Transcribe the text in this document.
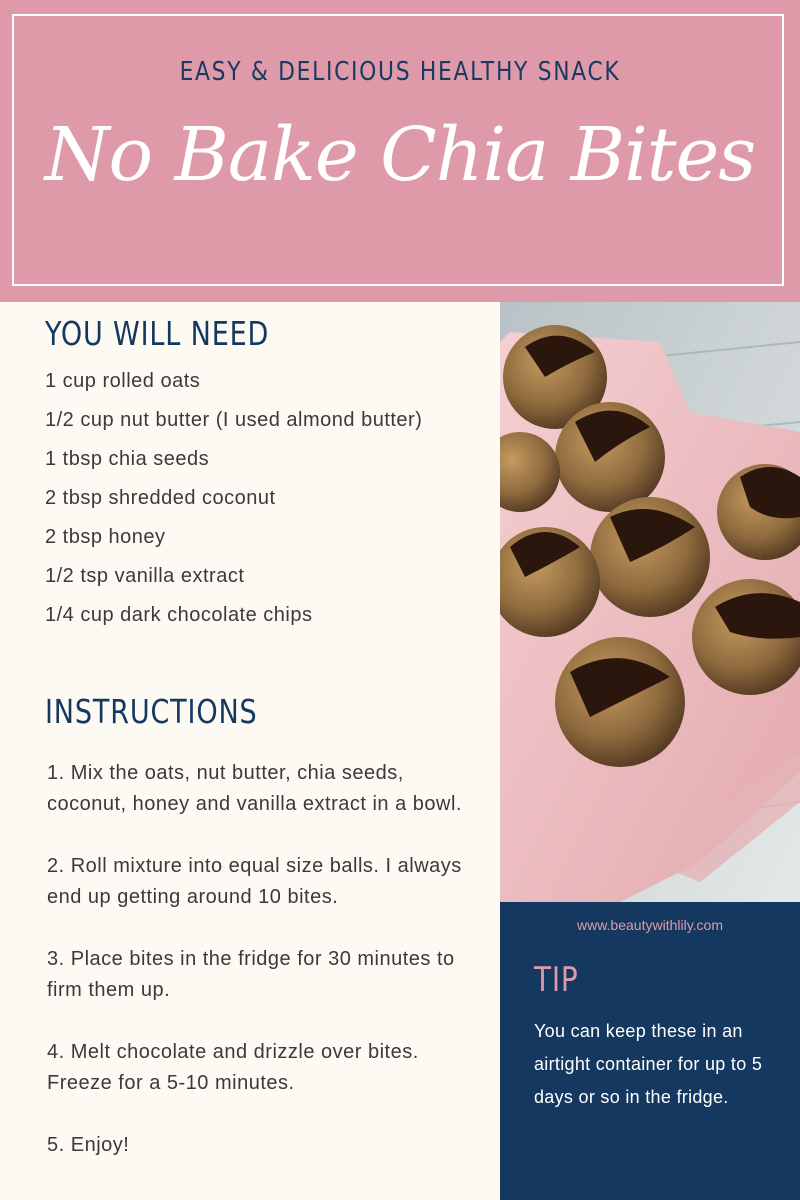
EASY & DELICIOUS HEALTHY SNACK
No Bake Chia Bites
YOU WILL NEED
1 cup rolled oats
1/2 cup nut butter (I used almond butter)
1 tbsp chia seeds
2 tbsp shredded coconut
2 tbsp honey
1/2 tsp vanilla extract
1/4 cup dark chocolate chips
INSTRUCTIONS
1. Mix the oats, nut butter, chia seeds, coconut, honey and vanilla extract in a bowl.
2. Roll mixture into equal size balls. I always end up getting around 10 bites.
3. Place bites in the fridge for 30 minutes to firm them up.
4. Melt chocolate and drizzle over bites. Freeze for a 5-10 minutes.
5. Enjoy!
www.beautywithlily.com
TIP
You can keep these in an airtight container for up to 5 days or so in the fridge.
